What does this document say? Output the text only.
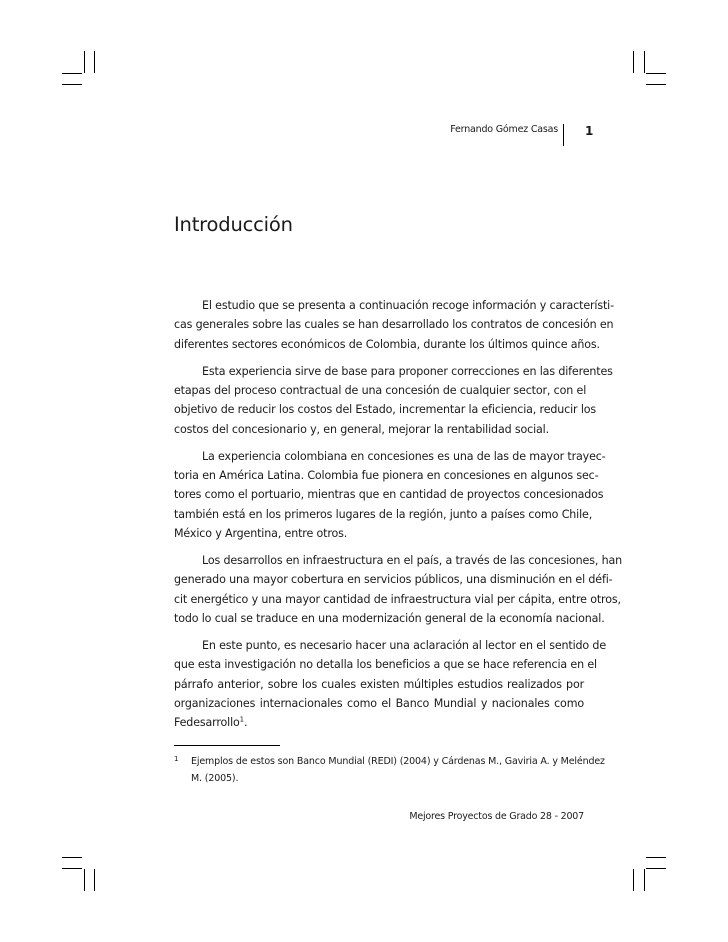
Fernando Gómez Casas 1
Introducción

El estudio que se presenta a continuación recoge información y característi-
cas generales sobre las cuales se han desarrollado los contratos de concesión en
diferentes sectores económicos de Colombia, durante los últimos quince años.

Esta experiencia sirve de base para proponer correcciones en las diferentes
etapas del proceso contractual de una concesión de cualquier sector, con el
objetivo de reducir los costos del Estado, incrementar la eficiencia, reducir los
costos del concesionario y, en general, mejorar la rentabilidad social.

La experiencia colombiana en concesiones es una de las de mayor trayec-
toria en América Latina. Colombia fue pionera en concesiones en algunos sec-
tores como el portuario, mientras que en cantidad de proyectos concesionados
también está en los primeros lugares de la región, junto a países como Chile,
México y Argentina, entre otros.

Los desarrollos en infraestructura en el país, a través de las concesiones, han
generado una mayor cobertura en servicios públicos, una disminución en el défi-
cit energético y una mayor cantidad de infraestructura vial per cápita, entre otros,
todo lo cual se traduce en una modernización general de la economía nacional.

En este punto, es necesario hacer una aclaración al lector en el sentido de
que esta investigación no detalla los beneficios a que se hace referencia en el
párrafo anterior, sobre los cuales existen múltiples estudios realizados por
organizaciones internacionales como el Banco Mundial y nacionales como
Fedesarrollo$^1$.

1 Ejemplos de estos son Banco Mundial (REDI) (2004) y Cárdenas M., Gaviria A. y Meléndez
M. (2005).
Mejores Proyectos de Grado 28 - 2007
